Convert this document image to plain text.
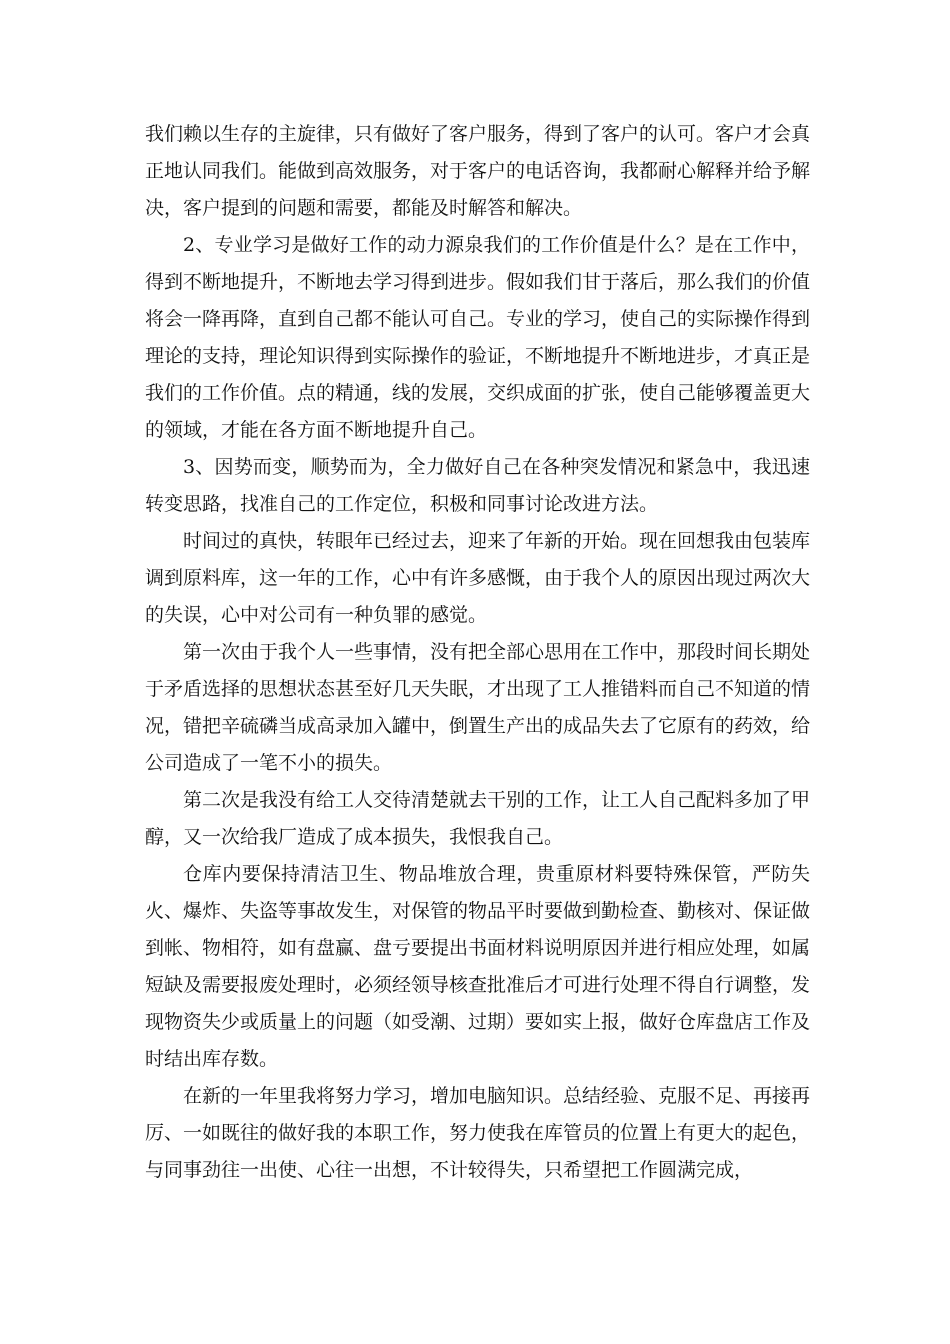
我们赖以生存的主旋律，只有做好了客户服务，得到了客户的认可。客户才会真正地认同我们。能做到高效服务，对于客户的电话咨询，我都耐心解释并给予解决，客户提到的问题和需要，都能及时解答和解决。

2、专业学习是做好工作的动力源泉我们的工作价值是什么？是在工作中，得到不断地提升，不断地去学习得到进步。假如我们甘于落后，那么我们的价值将会一降再降，直到自己都不能认可自己。专业的学习，使自己的实际操作得到理论的支持，理论知识得到实际操作的验证，不断地提升不断地进步，才真正是我们的工作价值。点的精通，线的发展，交织成面的扩张，使自己能够覆盖更大的领域，才能在各方面不断地提升自己。

3、因势而变，顺势而为，全力做好自己在各种突发情况和紧急中，我迅速转变思路，找准自己的工作定位，积极和同事讨论改进方法。

时间过的真快，转眼年已经过去，迎来了年新的开始。现在回想我由包装库调到原料库，这一年的工作，心中有许多感慨，由于我个人的原因出现过两次大的失误，心中对公司有一种负罪的感觉。

第一次由于我个人一些事情，没有把全部心思用在工作中，那段时间长期处于矛盾选择的思想状态甚至好几天失眠，才出现了工人推错料而自己不知道的情况，错把辛硫磷当成高录加入罐中，倒置生产出的成品失去了它原有的药效，给公司造成了一笔不小的损失。

第二次是我没有给工人交待清楚就去干别的工作，让工人自己配料多加了甲醇，又一次给我厂造成了成本损失，我恨我自己。

仓库内要保持清洁卫生、物品堆放合理，贵重原材料要特殊保管，严防失火、爆炸、失盗等事故发生，对保管的物品平时要做到勤检查、勤核对、保证做到帐、物相符，如有盘赢、盘亏要提出书面材料说明原因并进行相应处理，如属短缺及需要报废处理时，必须经领导核查批准后才可进行处理不得自行调整，发现物资失少或质量上的问题（如受潮、过期）要如实上报，做好仓库盘店工作及时结出库存数。

在新的一年里我将努力学习，增加电脑知识。总结经验、克服不足、再接再厉、一如既往的做好我的本职工作，努力使我在库管员的位置上有更大的起色，与同事劲往一出使、心往一出想，不计较得失，只希望把工作圆满完成，
